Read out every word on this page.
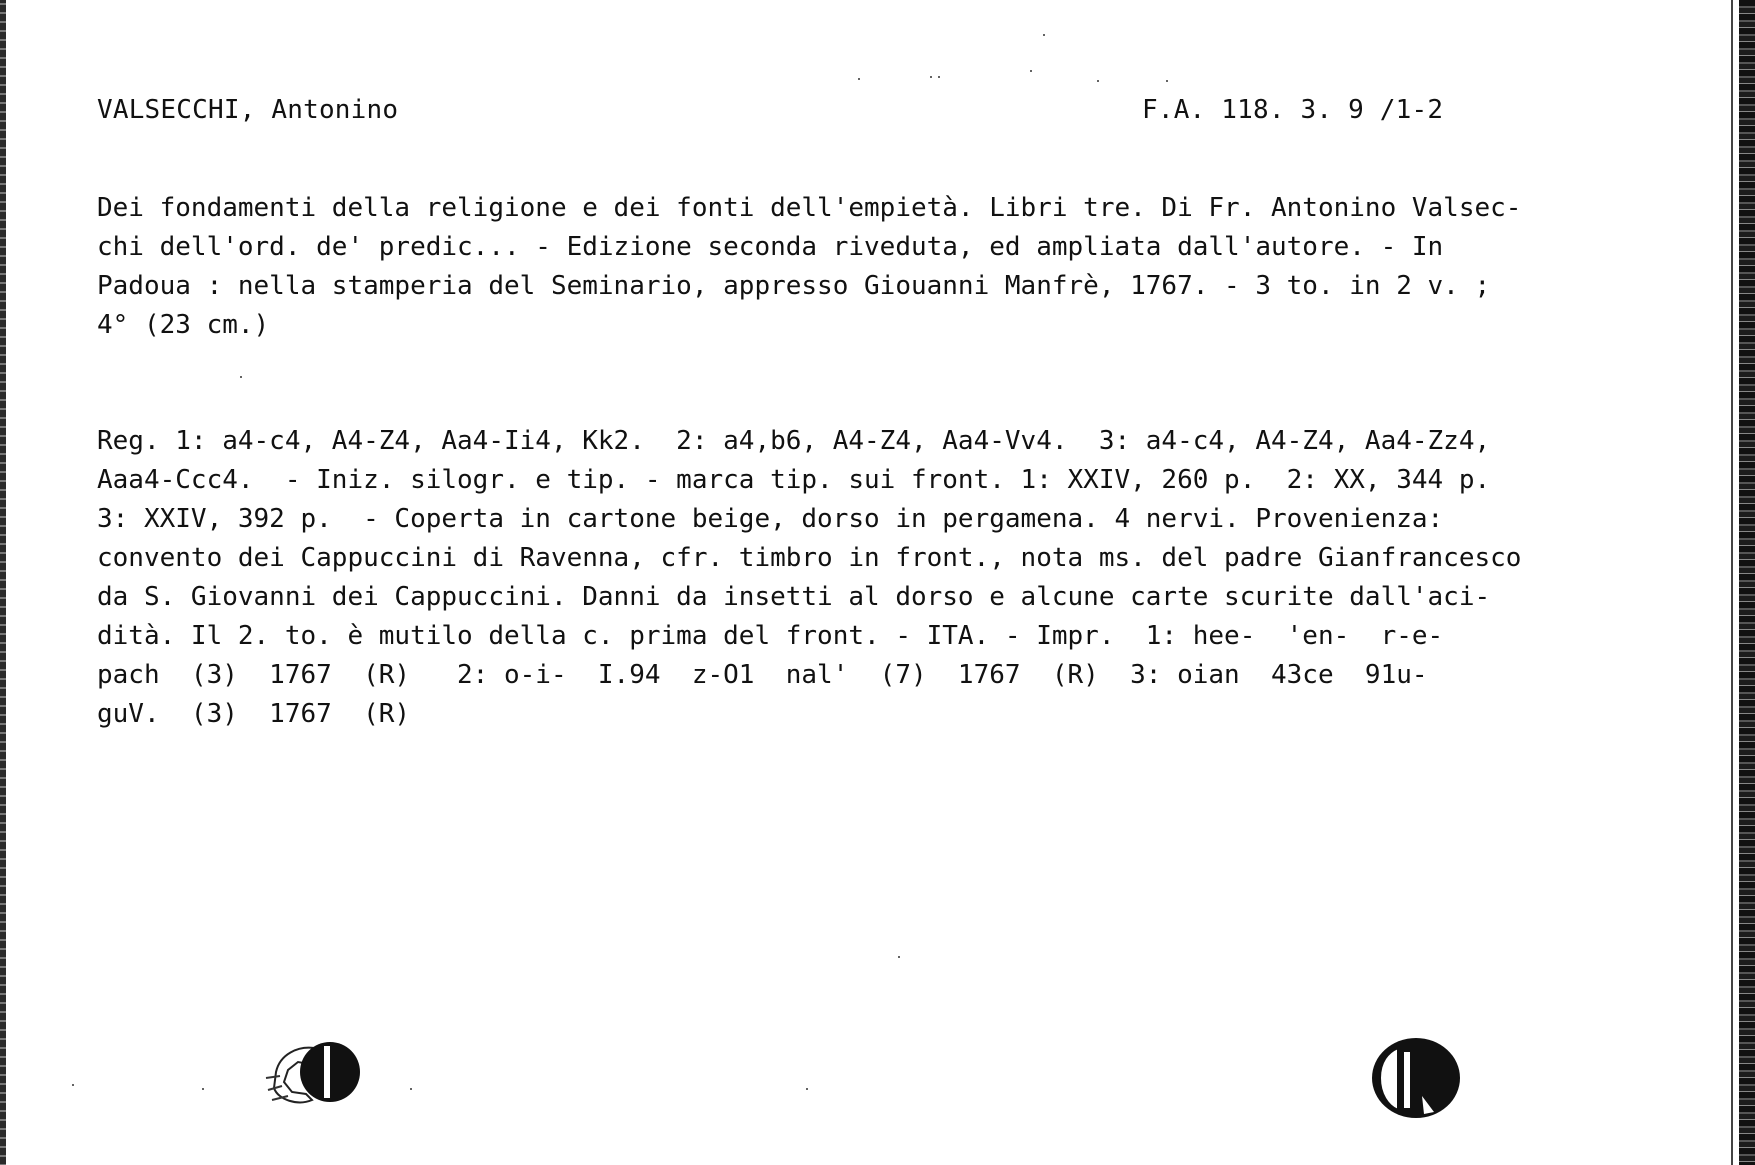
VALSECCHI, Antonino	F.A. 118. 3. 9 /1-2
Dei fondamenti della religione e dei fonti dell'empietà. Libri tre. Di Fr. Antonino Valsec-
chi dell'ord. de' predic... - Edizione seconda riveduta, ed ampliata dall'autore. - In
Padoua : nella stamperia del Seminario, appresso Giouanni Manfrè, 1767. - 3 to. in 2 v. ;
4° (23 cm.)
Reg. 1: a4-c4, A4-Z4, Aa4-Ii4, Kk2.  2: a4,b6, A4-Z4, Aa4-Vv4.  3: a4-c4, A4-Z4, Aa4-Zz4,
Aaa4-Ccc4.  - Iniz. silogr. e tip. - marca tip. sui front. 1: XXIV, 260 p.  2: XX, 344 p.
3: XXIV, 392 p.  - Coperta in cartone beige, dorso in pergamena. 4 nervi. Provenienza:
convento dei Cappuccini di Ravenna, cfr. timbro in front., nota ms. del padre Gianfrancesco
da S. Giovanni dei Cappuccini. Danni da insetti al dorso e alcune carte scurite dall'aci-
dità. Il 2. to. è mutilo della c. prima del front. - ITA. - Impr.  1: hee-  'en-  r-e-
pach  (3)  1767  (R)   2: o-i-  I.94  z-O1  nal'  (7)  1767  (R)  3: oian  43ce  91u-
guV.  (3)  1767  (R)
